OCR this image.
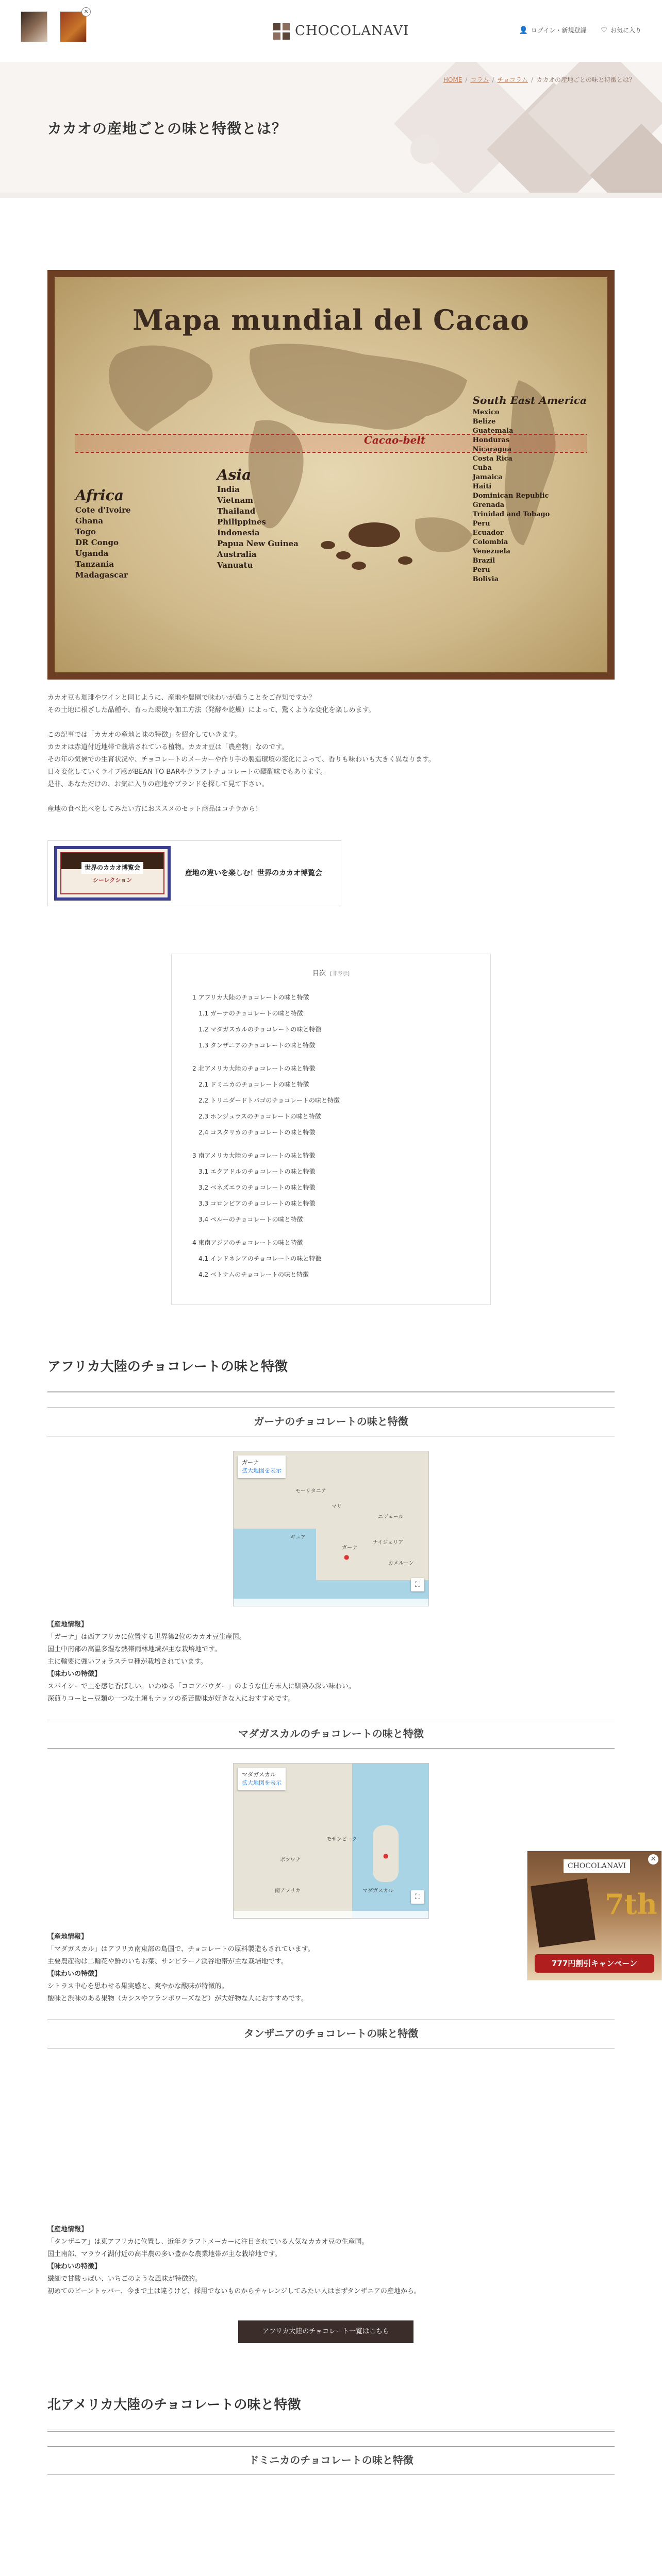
✕
CHOCOLANAVI	👤 ログイン・新規登録 ♡ お気に入り
HOME / コラム / チョコラム / カカオの産地ごとの味と特徴とは？
カカオの産地ごとの味と特徴とは？
Mapa mundial del Cacao
Cacao-belt
Africa
Cote d'Ivoire
Ghana
Togo
DR Congo
Uganda
Tanzania
Madagascar
Asia
India
Vietnam
Thailand
Philippines
Indonesia
Papua New Guinea
Australia
Vanuatu
South East America
Mexico
Belize
Guatemala
Honduras
Nicaragua
Costa Rica
Cuba
Jamaica
Haiti
Dominican Republic
Grenada
Trinidad and Tobago
Peru
Ecuador
Colombia
Venezuela
Brazil
Peru
Bolivia

カカオ豆も珈琲やワインと同じように、産地や農園で味わいが違うことをご存知ですか？

その土地に根ざした品種や、育った環境や加工方法（発酵や乾燥）によって、驚くような変化を楽しめます。

この記事では「カカオの産地と味の特徴」を紹介していきます。

カカオは赤道付近地帯で栽培されている植物。カカオ豆は「農産物」なのです。

その年の気候での生育状況や、チョコレートのメーカーや作り手の製造環境の変化によって、香りも味わいも大きく異なります。

日々変化していくライブ感がBEAN TO BARやクラフトチョコレートの醍醐味でもあります。

是非、あなただけの、お気に入りの産地やブランドを探して見て下さい。

産地の食べ比べをしてみたい方におススメのセット商品はコチラから！

世界のカカオ博覧会
シーレクション
産地の違いを楽しむ！世界のカカオ博覧会
目次 [非表示]
1 アフリカ大陸のチョコレートの味と特徴
1.1 ガーナのチョコレートの味と特徴
1.2 マダガスカルのチョコレートの味と特徴
1.3 タンザニアのチョコレートの味と特徴
2 北アメリカ大陸のチョコレートの味と特徴
2.1 ドミニカのチョコレートの味と特徴
2.2 トリニダードトバゴのチョコレートの味と特徴
2.3 ホンジュラスのチョコレートの味と特徴
2.4 コスタリカのチョコレートの味と特徴
3 南アメリカ大陸のチョコレートの味と特徴
3.1 エクアドルのチョコレートの味と特徴
3.2 ベネズエラのチョコレートの味と特徴
3.3 コロンビアのチョコレートの味と特徴
3.4 ペルーのチョコレートの味と特徴
4 東南アジアのチョコレートの味と特徴
4.1 インドネシアのチョコレートの味と特徴
4.2 ベトナムのチョコレートの味と特徴
アフリカ大陸のチョコレートの味と特徴
ガーナのチョコレートの味と特徴
ガーナ
拡大地図を表示
モーリタニア
マリ
ニジェール
ナイジェリア
ガーナ
カメルーン
ギニア
●
⛶
【産地情報】
「ガーナ」は西アフリカに位置する世界第2位のカカオ豆生産国。
国土中南部の高温多湿な熱帯雨林地域が主な栽培地です。
主に輸要に強いフォラステロ種が栽培されています。
【味わいの特徴】
スパイシーで土を感じ香ばしい。いわゆる「ココアパウダー」のような仕方未人に馴染み深い味わい。
深煎りコーヒー豆類の一つな土壌もナッツの系苦酸味が好きな人におすすめです。
マダガスカルのチョコレートの味と特徴
マダガスカル
拡大地図を表示
モザンビーク
マダガスカル
ボツワナ
南アフリカ
●
⛶
【産地情報】
「マダガスカル」はアフリカ南東部の島国で、チョコレートの原料製造もされています。
主要農産物は二輪花や鮮のいちお菜、サンビラーノ渓谷地帯が主な栽培地です。
【味わいの特徴】
シトラス中心を思わせる果実感と、爽やかな酸味が特徴的。
酸味と渋味のある果物（カシスやフランボワーズなど）が大好物な人におすすめです。
タンザニアのチョコレートの味と特徴
【産地情報】
「タンザニア」は東アフリカに位置し、近年クラフトメーカーに注目されている人気なカカオ豆の生産国。
国土南部、マラウイ湖付近の高半農の多い豊かな農業地帯が主な栽培地です。
【味わいの特徴】
繊細で甘酸っぱい、いちごのような風味が特徴的。
初めてのビーントゥバー、今まで土は違うけど、採用でないものからチャレンジしてみたい人はまずタンザニアの産地から。
アフリカ大陸のチョコレート一覧はこちら
北アメリカ大陸のチョコレートの味と特徴
ドミニカのチョコレートの味と特徴
CHOCOLANAVI
✕
7th
777円割引キャンペーン
